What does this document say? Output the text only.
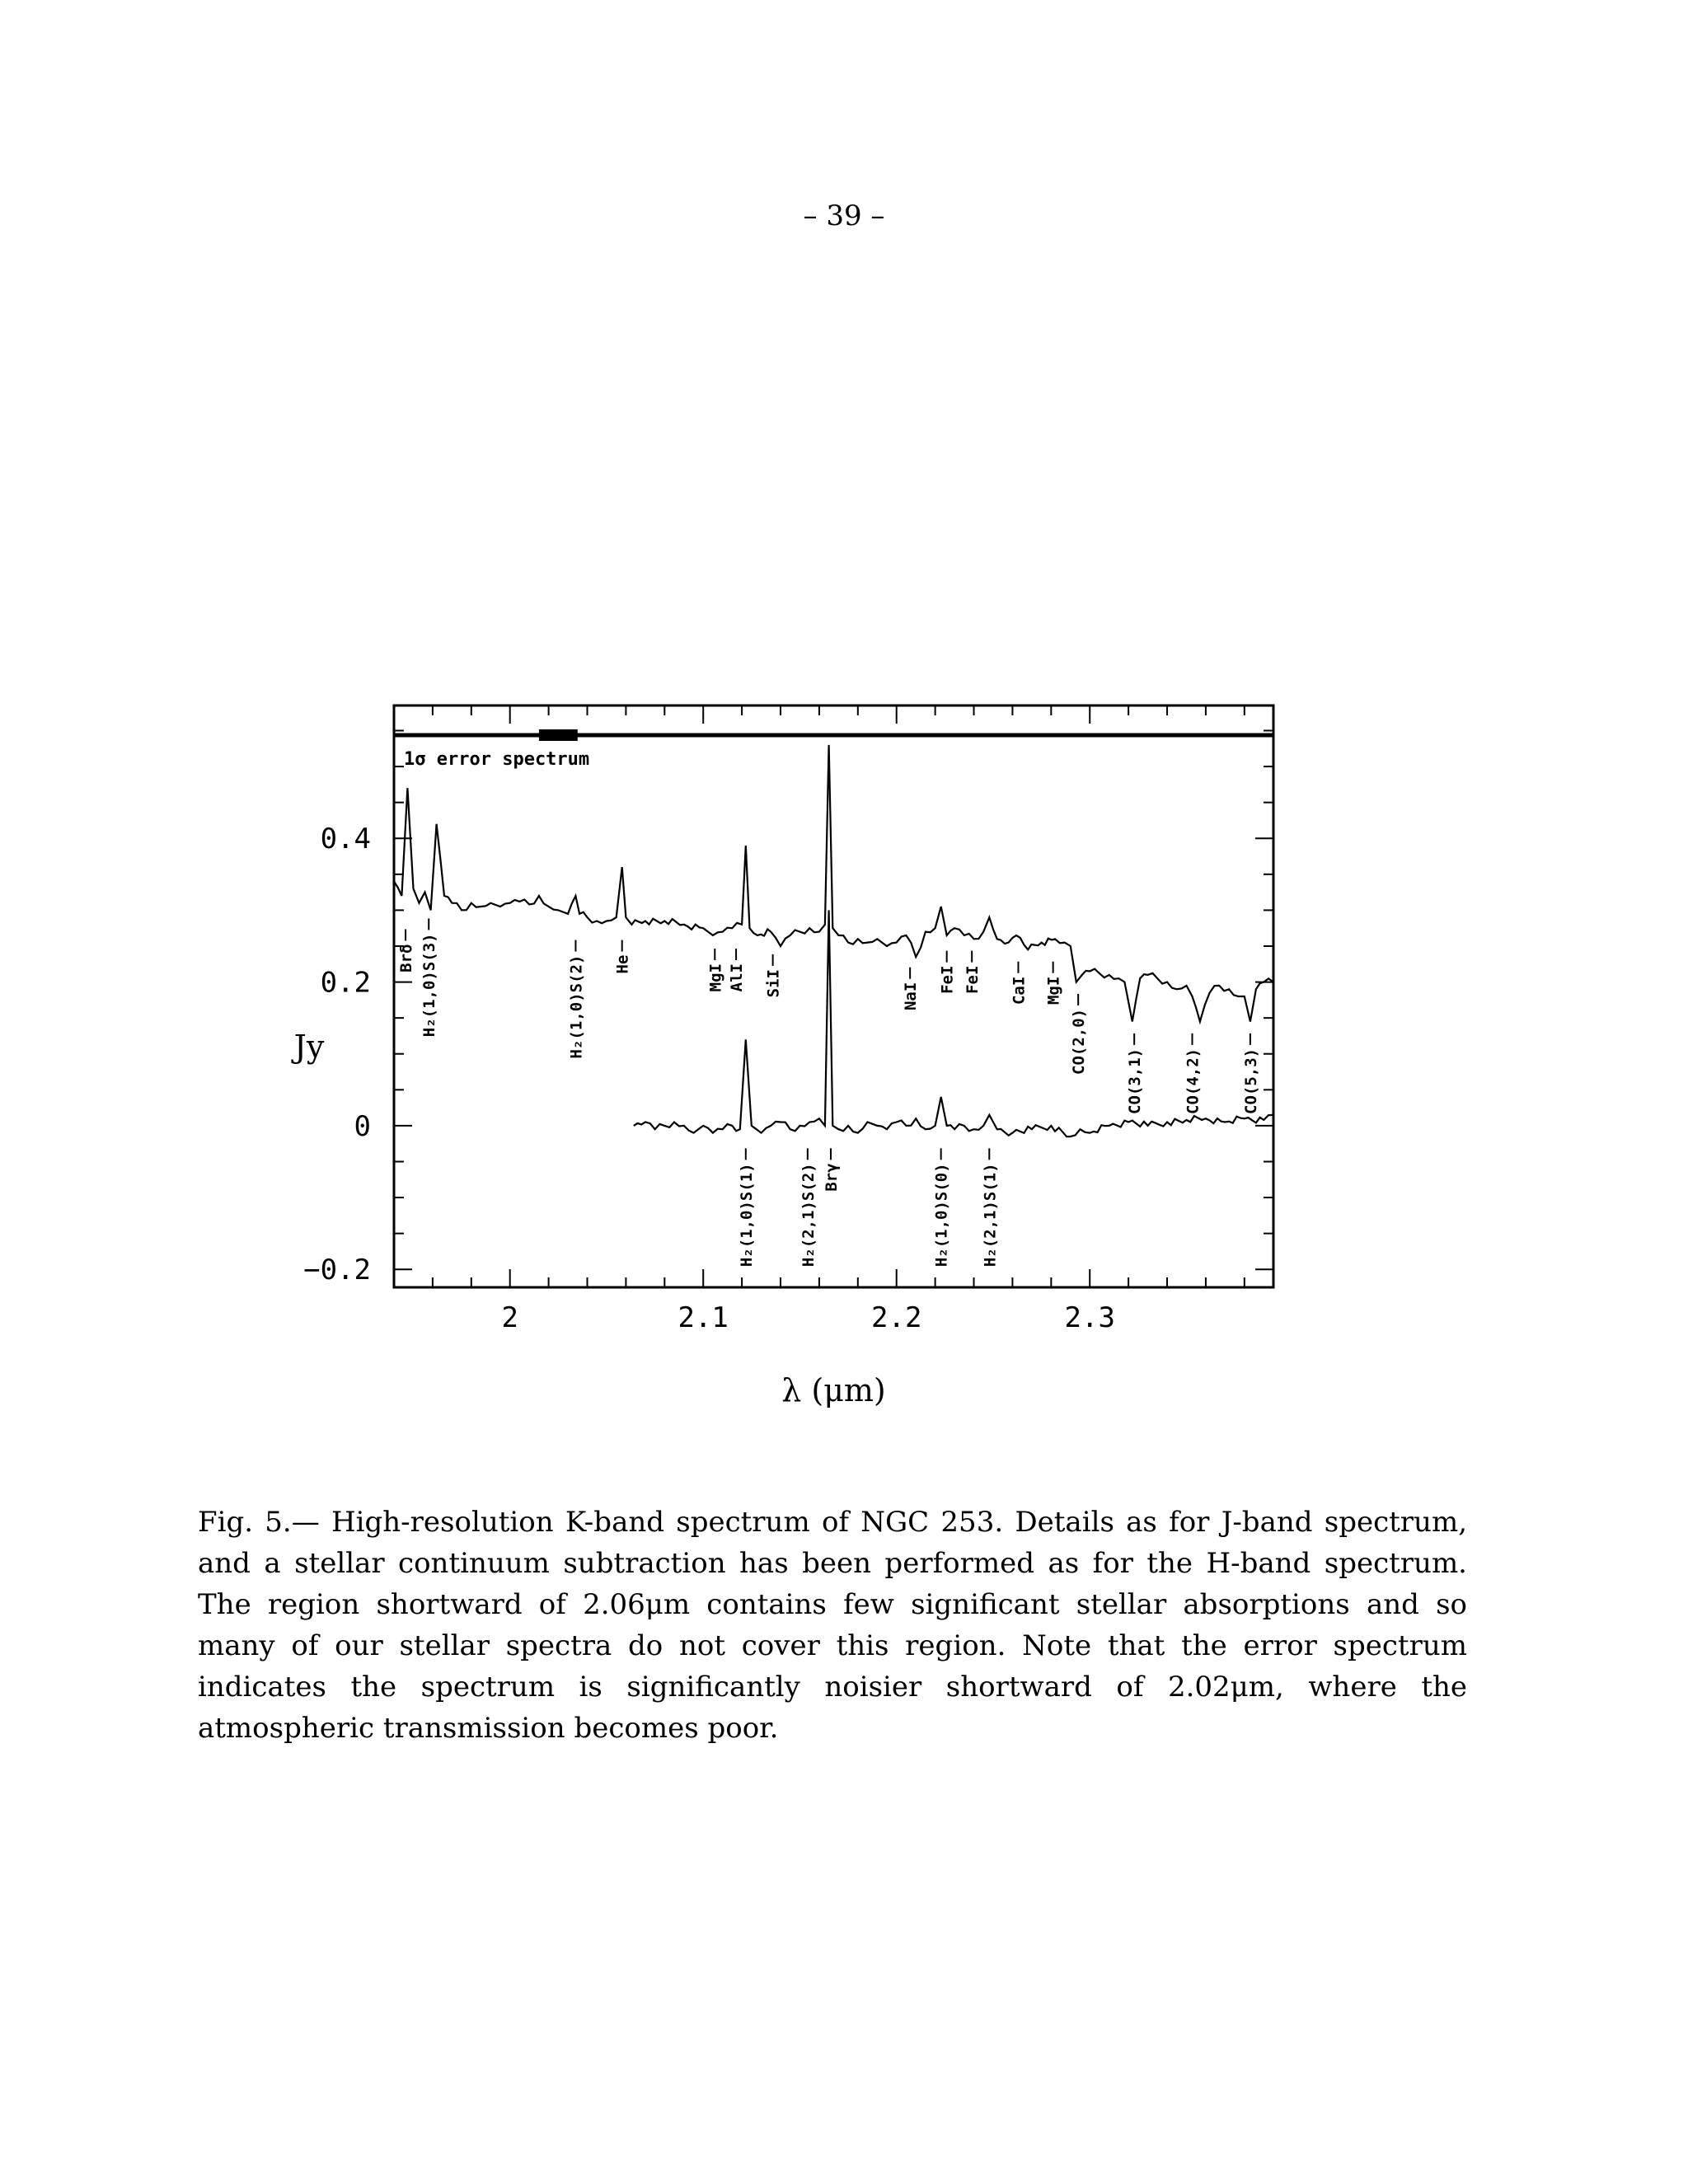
– 39 –
2	2.1	2.2	2.3
0.4
0.2
0
−0.2
λ (μm)
Jy
1σ error spectrum
Brδ H₂(1,0)S(3)	H₂(1,0)S(2) He	MgI AlI SiI	NaI
FeI FeI CaI MgI
CO(2,0)
CO(3,1)	CO(4,2)	CO(5,3)
H₂(1,0)S(1)	H₂(2,1)S(2) Brγ	H₂(1,0)S(0) H₂(2,1)S(1)
Fig. 5.— High-resolution K-band spectrum of NGC 253. Details as for J-band spectrum, and a stellar continuum subtraction has been performed as for the H-band spectrum. The region shortward of 2.06μm contains few significant stellar absorptions and so many of our stellar spectra do not cover this region. Note that the error spectrum indicates the spectrum is significantly noisier shortward of 2.02μm, where the atmospheric transmission becomes poor.
